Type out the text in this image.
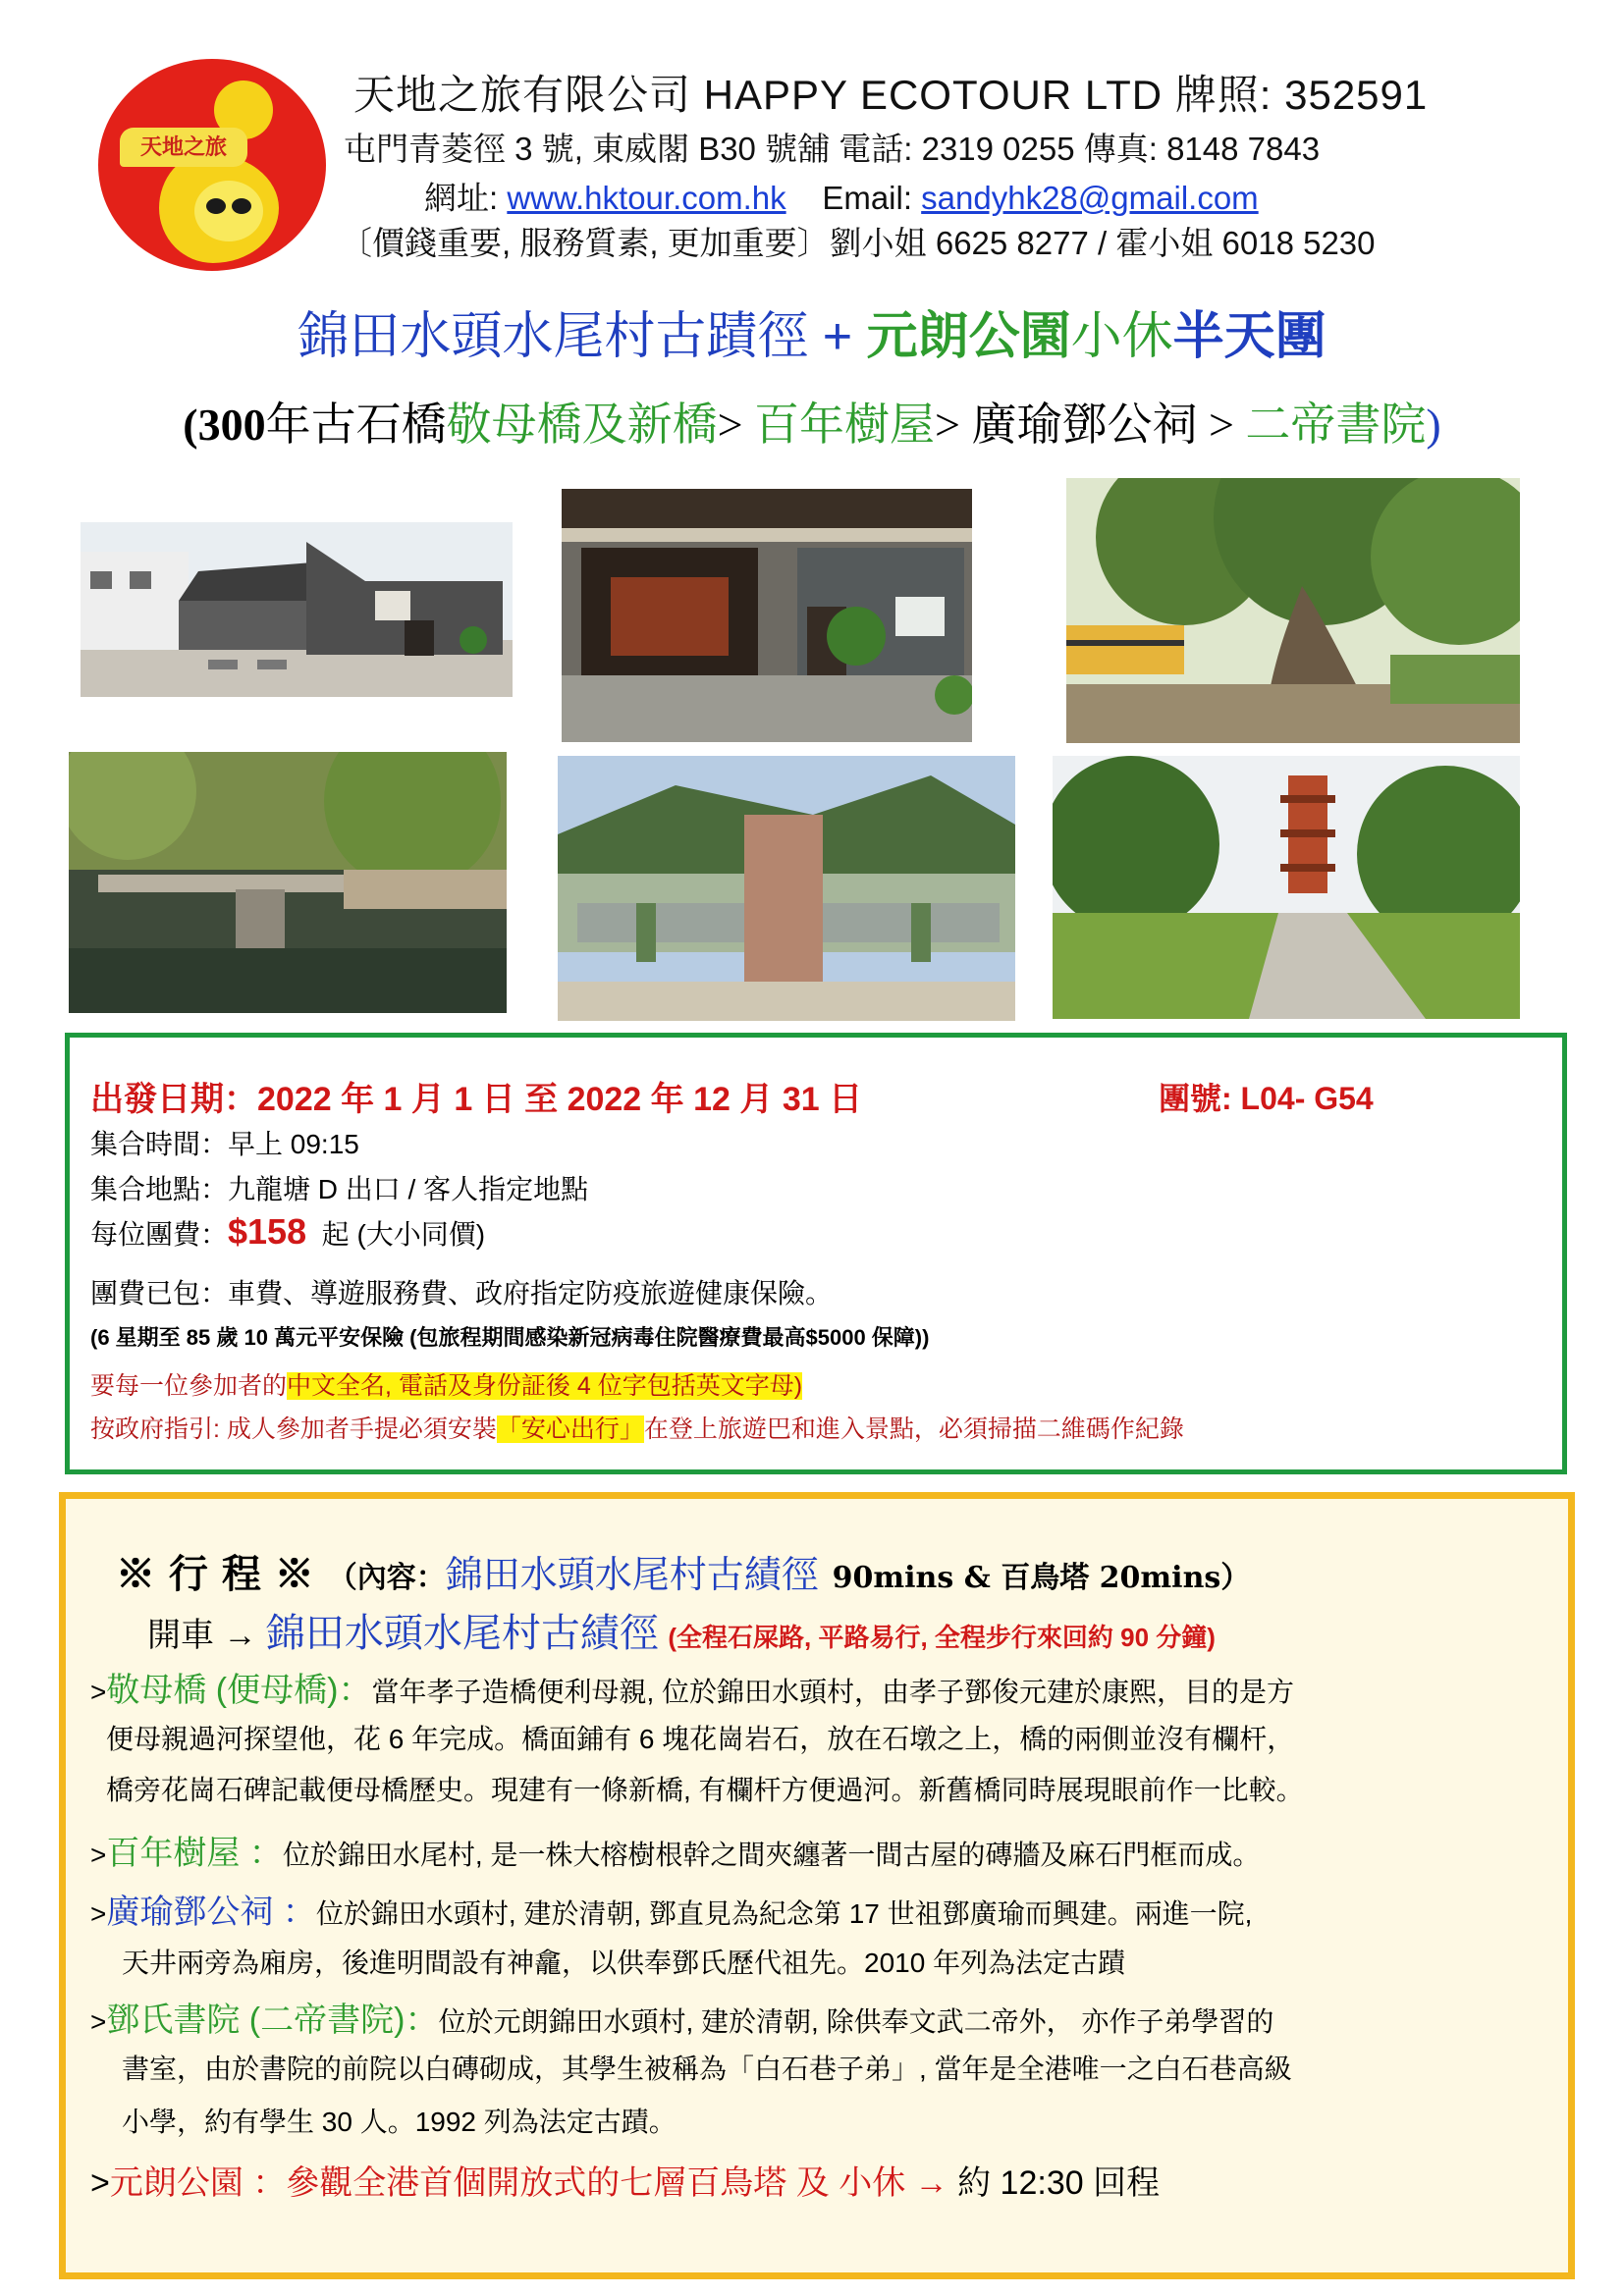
天地之旅
天地之旅有限公司 HAPPY ECOTOUR LTD 牌照: 352591
屯門青菱徑 3 號, 東威閣 B30 號舖 電話: 2319 0255 傳真: 8148 7843
網址: www.hktour.com.hk Email: sandyhk28@gmail.com
〔價錢重要, 服務質素, 更加重要〕劉小姐 6625 8277 / 霍小姐 6018 5230
錦田水頭水尾村古蹟徑 + 元朗公園小休半天團
(300年古石橋敬母橋及新橋> 百年樹屋> 廣瑜鄧公祠 > 二帝書院)
出發日期：2022 年 1 月 1 日 至 2022 年 12 月 31 日	團號: L04- G54
集合時間：早上 09:15
集合地點：九龍塘 D 出口 / 客人指定地點
每位團費：$158 起 (大小同價)
團費已包：車費、導遊服務費、政府指定防疫旅遊健康保險。
(6 星期至 85 歲 10 萬元平安保險 (包旅程期間感染新冠病毒住院醫療費最高$5000 保障))
要每一位參加者的中文全名, 電話及身份証後 4 位字包括英文字母)
按政府指引: 成人參加者手提必須安裝「安心出行」在登上旅遊巴和進入景點，必須掃描二維碼作紀錄
※ 行 程 ※ （內容：錦田水頭水尾村古績徑 90mins & 百鳥塔 20mins）
開車 → 錦田水頭水尾村古績徑 (全程石屎路, 平路易行, 全程步行來回約 90 分鐘)
>敬母橋 (便母橋)：當年孝子造橋便利母親, 位於錦田水頭村，由孝子鄧俊元建於康熙，目的是方
便母親過河探望他，花 6 年完成。橋面鋪有 6 塊花崗岩石，放在石墩之上，橋的兩側並沒有欄杆，
橋旁花崗石碑記載便母橋歷史。現建有一條新橋, 有欄杆方便過河。新舊橋同時展現眼前作一比較。
>百年樹屋 ：位於錦田水尾村, 是一株大榕樹根幹之間夾纏著一間古屋的磚牆及麻石門框而成。
>廣瑜鄧公祠 ：位於錦田水頭村, 建於清朝, 鄧直見為紀念第 17 世祖鄧廣瑜而興建。兩進一院,
天井兩旁為廂房，後進明間設有神龕，以供奉鄧氏歷代祖先。2010 年列為法定古蹟
>鄧氏書院 (二帝書院)：位於元朗錦田水頭村, 建於清朝, 除供奉文武二帝外， 亦作子弟學習的
書室，由於書院的前院以白磚砌成，其學生被稱為「白石巷子弟」, 當年是全港唯一之白石巷高級
小學，約有學生 30 人。1992 列為法定古蹟。
>元朗公園 ：參觀全港首個開放式的七層百鳥塔 及 小休 → 約 12:30 回程
